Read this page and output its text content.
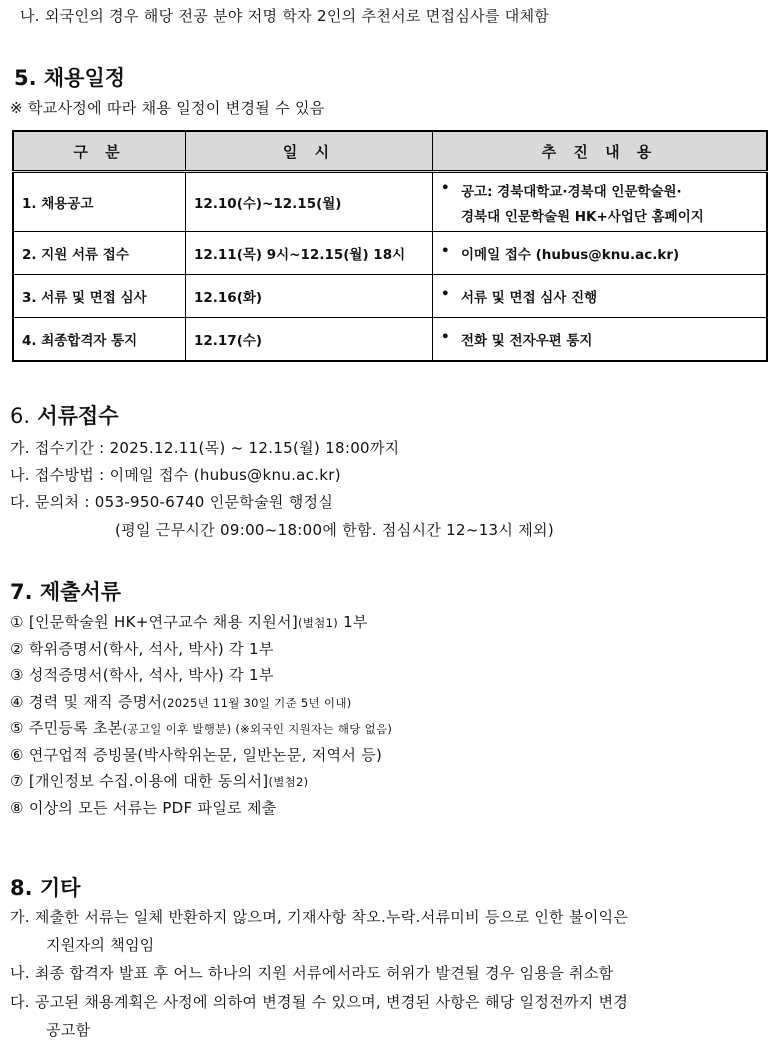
나. 외국인의 경우 해당 전공 분야 저명 학자 2인의 추천서로 면접심사를 대체함
5. 채용일정
※ 학교사정에 따라 채용 일정이 변경될 수 있음
구 분	일 시	추 진 내 용
1. 채용공고	12.10(수)~12.15(월)	• 공고: 경북대학교·경북대 인문학술원·
경북대 인문학술원 HK+사업단 홈페이지

2. 지원 서류 접수	12.11(목) 9시~12.15(월) 18시	• 이메일 접수 (hubus@knu.ac.kr)

3. 서류 및 면접 심사	12.16(화)	• 서류 및 면접 심사 진행

4. 최종합격자 통지	12.17(수)	• 전화 및 전자우편 통지
6. 서류접수
가. 접수기간 : 2025.12.11(목) ~ 12.15(월) 18:00까지
나. 접수방법 : 이메일 접수 (hubus@knu.ac.kr)
다. 문의처 : 053-950-6740 인문학술원 행정실
(평일 근무시간 09:00~18:00에 한함. 점심시간 12~13시 제외)
7. 제출서류
① [인문학술원 HK+연구교수 채용 지원서](별첨1) 1부
② 학위증명서(학사, 석사, 박사) 각 1부
③ 성적증명서(학사, 석사, 박사) 각 1부
④ 경력 및 재직 증명서(2025년 11월 30일 기준 5년 이내)
⑤ 주민등록 초본(공고일 이후 발행분) (※외국인 지원자는 해당 없음)
⑥ 연구업적 증빙물(박사학위논문, 일반논문, 저역서 등)
⑦ [개인정보 수집.이용에 대한 동의서](별첨2)
⑧ 이상의 모든 서류는 PDF 파일로 제출
8. 기타
가. 제출한 서류는 일체 반환하지 않으며, 기재사항 착오.누락.서류미비 등으로 인한 불이익은
지원자의 책임임
나. 최종 합격자 발표 후 어느 하나의 지원 서류에서라도 허위가 발견될 경우 임용을 취소함
다. 공고된 채용계획은 사정에 의하여 변경될 수 있으며, 변경된 사항은 해당 일정전까지 변경
공고함
